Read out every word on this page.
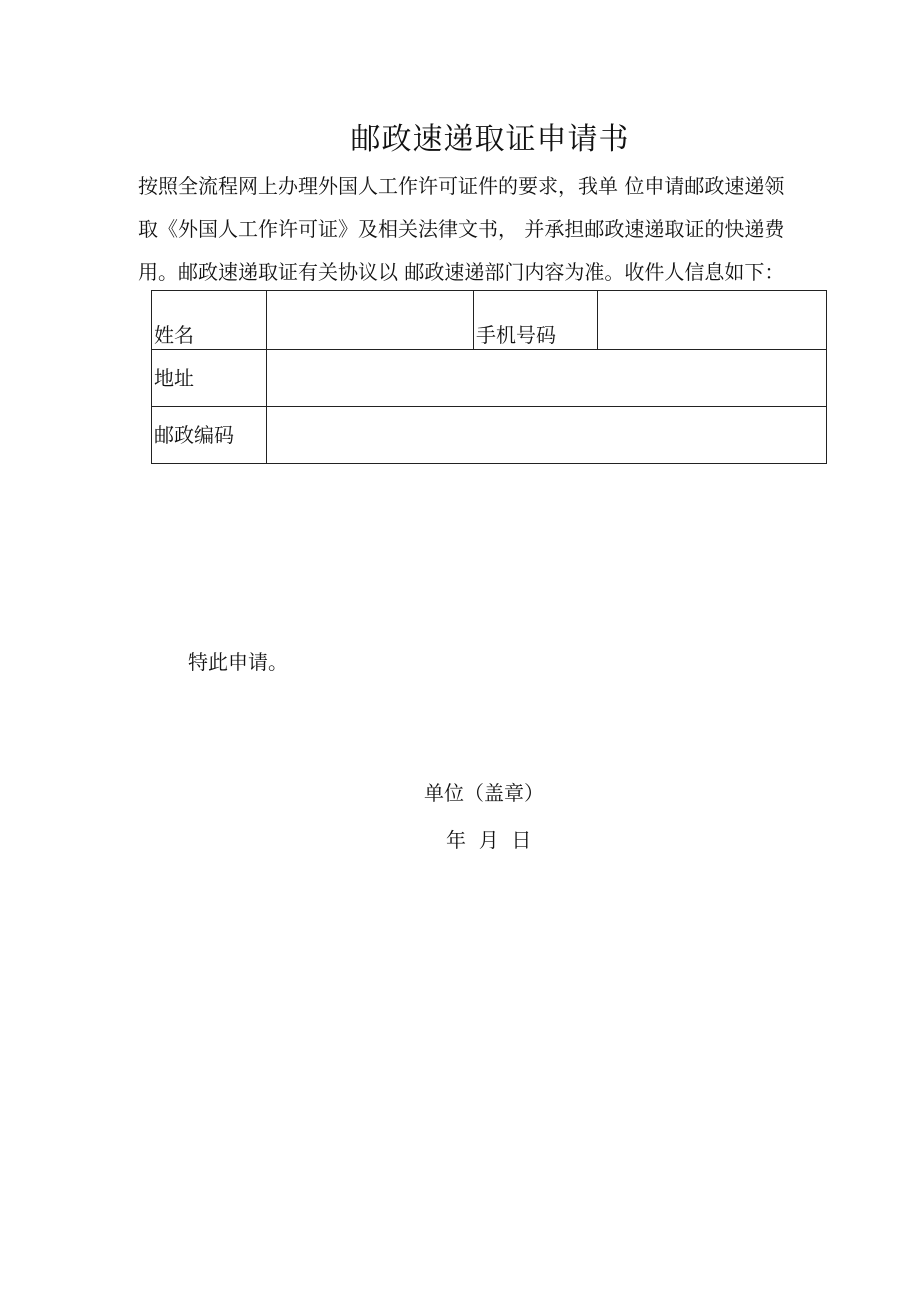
邮政速递取证申请书
按照全流程网上办理外国人工作许可证件的要求，我单 位申请邮政速递领
取《外国人工作许可证》及相关法律文书， 并承担邮政速递取证的快递费
用。邮政速递取证有关协议以 邮政速递部门内容为准。收件人信息如下：
姓名		手机号码	
地址			
邮政编码			
特此申请。
单位（盖章）
年  月  日
